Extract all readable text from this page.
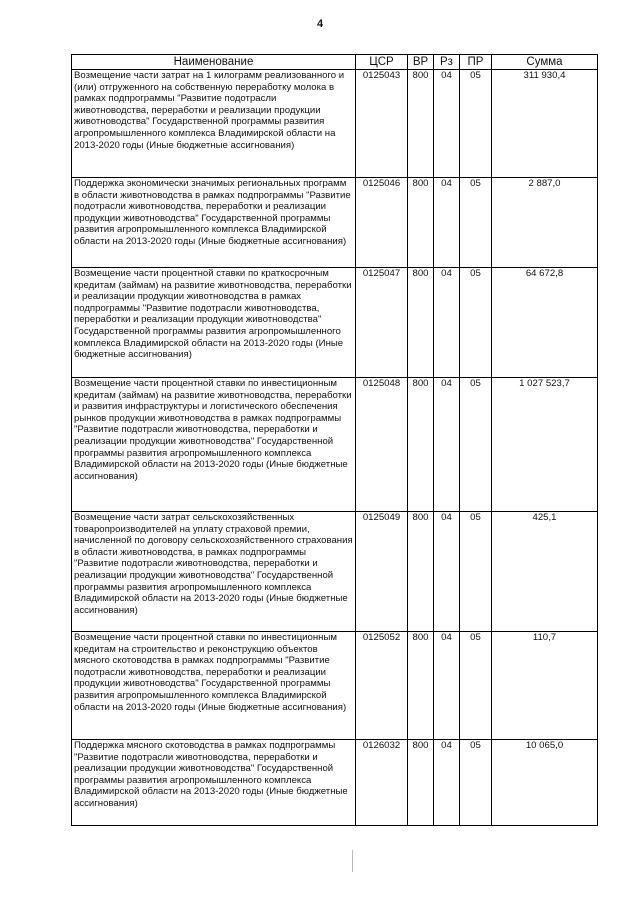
4
Наименование	ЦСР	ВР	Рз	ПР	Сумма
Возмещение части затрат на 1 килограмм реализованного и (или) отгруженного на собственную переработку молока в рамках подпрограммы "Развитие подотрасли животноводства, переработки и реализации продукции животноводства" Государственной программы развития агропромышленного комплекса Владимирской области на 2013-2020 годы (Иные бюджетные ассигнования)	0125043	800	04	05	311 930,4
Поддержка экономически значимых региональных программ в области животноводства в рамках подпрограммы "Развитие подотрасли животноводства, переработки и реализации продукции животноводства" Государственной программы развития агропромышленного комплекса Владимирской области на 2013-2020 годы (Иные бюджетные ассигнования)	0125046	800	04	05	2 887,0
Возмещение части процентной ставки по краткосрочным кредитам (займам) на развитие животноводства, переработки и реализации продукции животноводства в рамках подпрограммы "Развитие подотрасли животноводства, переработки и реализации продукции животноводства" Государственной программы развития агропромышленного комплекса Владимирской области на 2013-2020 годы (Иные бюджетные ассигнования)	0125047	800	04	05	64 672,8
Возмещение части процентной ставки по инвестиционным кредитам (займам) на развитие животноводства, переработки и развития инфраструктуры и логистического обеспечения рынков продукции животноводства в рамках подпрограммы "Развитие подотрасли животноводства, переработки и реализации продукции животноводства" Государственной программы развития агропромышленного комплекса Владимирской области на 2013-2020 годы (Иные бюджетные ассигнования)	0125048	800	04	05	1 027 523,7
Возмещение части затрат сельскохозяйственных товаропроизводителей на уплату страховой премии, начисленной по договору сельскохозяйственного страхования в области животноводства, в рамках подпрограммы "Развитие подотрасли животноводства, переработки и реализации продукции животноводства" Государственной программы развития агропромышленного комплекса Владимирской области на 2013-2020 годы (Иные бюджетные ассигнования)	0125049	800	04	05	425,1
Возмещение части процентной ставки по инвестиционным кредитам на строительство и реконструкцию объектов мясного скотоводства в рамках подпрограммы "Развитие подотрасли животноводства, переработки и реализации продукции животноводства" Государственной программы развития агропромышленного комплекса Владимирской области на 2013-2020 годы (Иные бюджетные ассигнования)	0125052	800	04	05	110,7
Поддержка мясного скотоводства в рамках подпрограммы "Развитие подотрасли животноводства, переработки и реализации продукции животноводства" Государственной программы развития агропромышленного комплекса Владимирской области на 2013-2020 годы (Иные бюджетные ассигнования)	0126032	800	04	05	10 065,0
